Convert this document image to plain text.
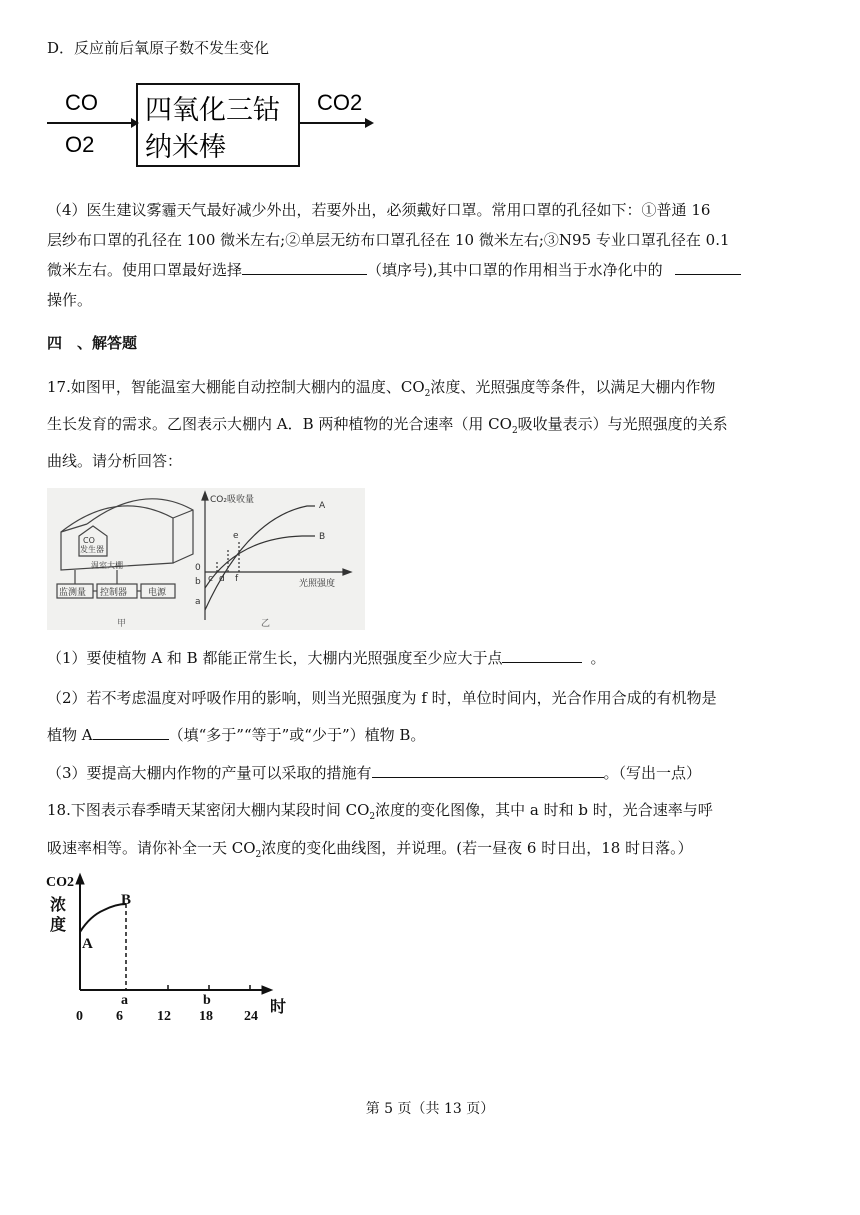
D．反应前后氧原子数不发生变化
CO
O2
四氧化三钴
纳米棒
CO2
（4）医生建议雾霾天气最好减少外出，若要外出，必须戴好口罩。常用口罩的孔径如下：①普通 16
层纱布口罩的孔径在 100 微米左右;②单层无纺布口罩孔径在 10 微米左右;③N95 专业口罩孔径在 0.1
微米左右。使用口罩最好选择	（填序号),其中口罩的作用相当于水净化中的
操作。
四　、解答题
17.如图甲，智能温室大棚能自动控制大棚内的温度、$CO_2$浓度、光照强度等条件，以满足大棚内作物
生长发育的需求。乙图表示大棚内 A．B 两种植物的光合速率（用 $CO_2$吸收量表示）与光照强度的关系
曲线。请分析回答：
CO
发生器
温室大棚
监测量 控制器 电源
甲
CO₂吸收量
A
B
e
0
b
a
c d f	光照强度
乙
（1）要使植物 A 和 B 都能正常生长，大棚内光照强度至少应大于点	。
（2）若不考虑温度对呼吸作用的影响，则当光照强度为 f 时，单位时间内，光合作用合成的有机物是
植物 A	（填“多于”“等于”或“少于”）植物 B。
（3）要提高大棚内作物的产量可以采取的措施有	。（写出一点）
18.下图表示春季晴天某密闭大棚内某段时间 $CO_2$浓度的变化图像，其中 a 时和 b 时，光合速率与呼
吸速率相等。请你补全一天 $CO_2$浓度的变化曲线图，并说理。(若一昼夜 6 时日出，18 时日落。）
CO2
浓
度
B
A
a	b	时
0 6 12 18 24
第 5 页（共 13 页）
